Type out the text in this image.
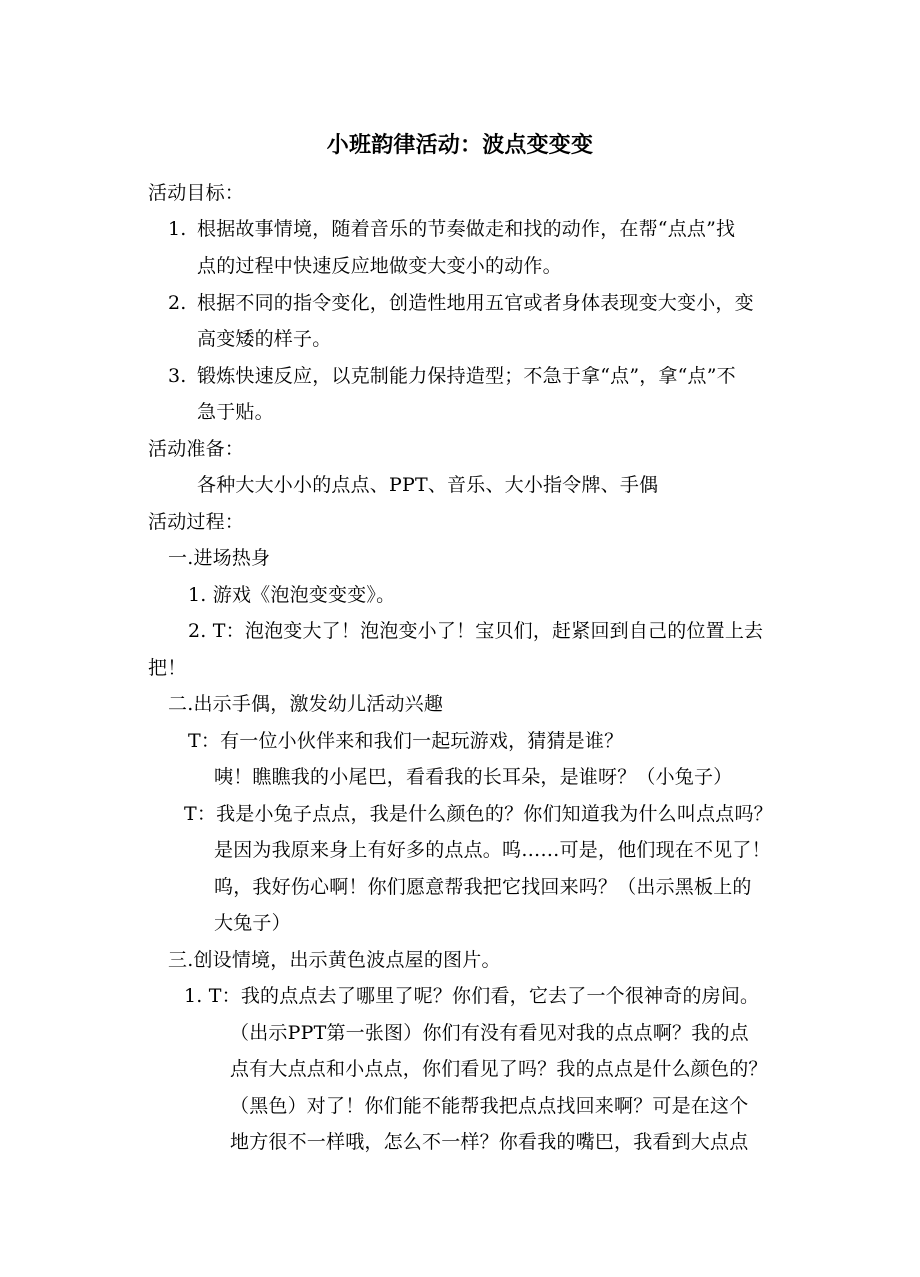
小班韵律活动：波点变变变
活动目标：
1. 根据故事情境，随着音乐的节奏做走和找的动作，在帮“点点”找
点的过程中快速反应地做变大变小的动作。
2. 根据不同的指令变化，创造性地用五官或者身体表现变大变小，变
高变矮的样子。
3. 锻炼快速反应，以克制能力保持造型；不急于拿“点”，拿“点”不
急于贴。
活动准备：
各种大大小小的点点、PPT、音乐、大小指令牌、手偶
活动过程：
一.进场热身
1. 游戏《泡泡变变变》。
2. T：泡泡变大了！泡泡变小了！宝贝们，赶紧回到自己的位置上去
把！
二.出示手偶，激发幼儿活动兴趣
T：有一位小伙伴来和我们一起玩游戏，猜猜是谁？
咦！瞧瞧我的小尾巴，看看我的长耳朵，是谁呀？（小兔子）
T：我是小兔子点点，我是什么颜色的？你们知道我为什么叫点点吗？
是因为我原来身上有好多的点点。呜……可是，他们现在不见了！
呜，我好伤心啊！你们愿意帮我把它找回来吗？（出示黑板上的
大兔子）
三.创设情境，出示黄色波点屋的图片。
1. T：我的点点去了哪里了呢？你们看，它去了一个很神奇的房间。
（出示PPT第一张图）你们有没有看见对我的点点啊？我的点
点有大点点和小点点，你们看见了吗？我的点点是什么颜色的？
（黑色）对了！你们能不能帮我把点点找回来啊？可是在这个
地方很不一样哦，怎么不一样？你看我的嘴巴，我看到大点点
